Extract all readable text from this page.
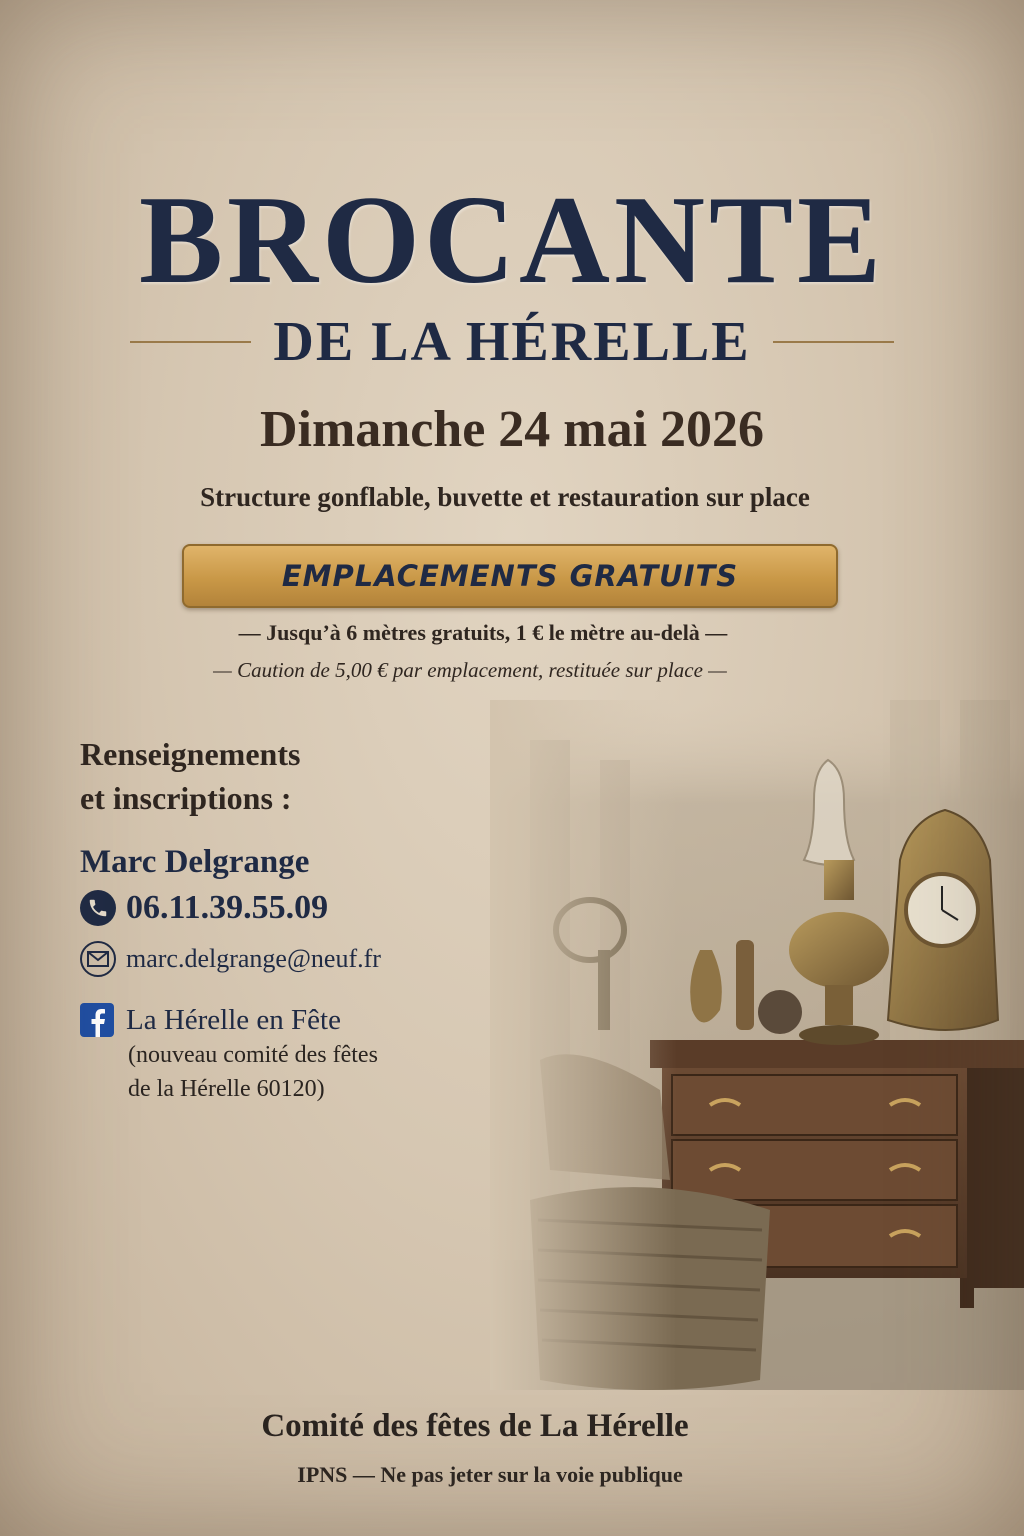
BROCANTE
DE LA HÉRELLE
Dimanche 24 mai 2026
Structure gonflable, buvette et restauration sur place
EMPLACEMENTS GRATUITS
— Jusqu’à 6 mètres gratuits, 1 € le mètre au-delà —
— Caution de 5,00 € par emplacement, restituée sur place —
Renseignements
et inscriptions :
Marc Delgrange
06.11.39.55.09
marc.delgrange@neuf.fr
La Hérelle en Fête
(nouveau comité des fêtes
de la Hérelle 60120)
Comité des fêtes de La Hérelle
IPNS — Ne pas jeter sur la voie publique
